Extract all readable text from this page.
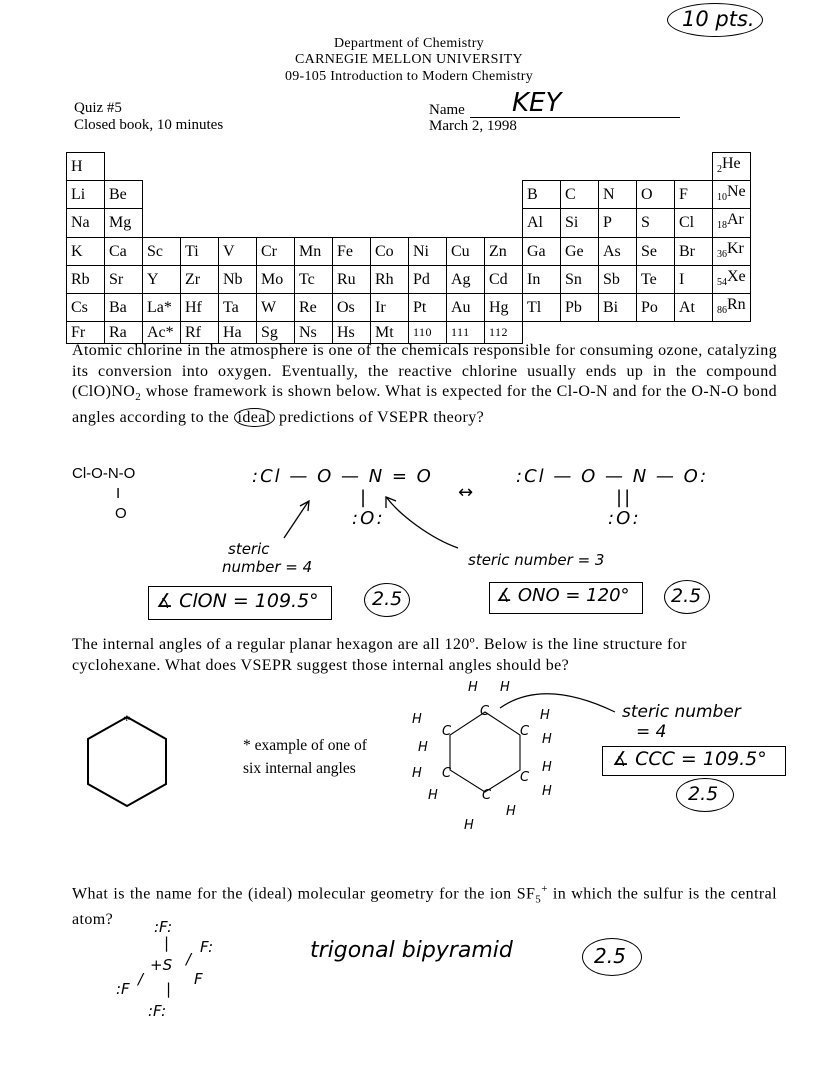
10 pts.
Department of Chemistry
CARNEGIE MELLON UNIVERSITY
09-105 Introduction to Modern Chemistry
Quiz #5
Closed book, 10 minutes
Name KEY
March 2, 1998
H																	$_2$He
Li	Be											B	C	N	O	F	$_{10}$Ne
Na	Mg											Al	Si	P	S	Cl	$_{18}$Ar
K	Ca	Sc	Ti	V	Cr	Mn	Fe	Co	Ni	Cu	Zn	Ga	Ge	As	Se	Br	$_{36}$Kr
Rb	Sr	Y	Zr	Nb	Mo	Tc	Ru	Rh	Pd	Ag	Cd	In	Sn	Sb	Te	I	$_{54}$Xe
Cs	Ba	La*	Hf	Ta	W	Re	Os	Ir	Pt	Au	Hg	Tl	Pb	Bi	Po	At	$_{86}$Rn
Fr	Ra	Ac*	Rf	Ha	Sg	Ns	Hs	Mt	110	111	112						
Atomic chlorine in the atmosphere is one of the chemicals responsible for consuming ozone, catalyzing its conversion into oxygen. Eventually, the reactive chlorine usually ends up in the compound $(ClO)NO_2$ whose framework is shown below. What is expected for the Cl-O-N and for the O-N-O bond angles according to the ideal predictions of VSEPR theory?
Cl-O-N-O
I
O
:Cl — O — N = O
|
:O:
↔
:Cl — O — N — O:
||
:O:
steric
number = 4	steric number = 3
∡ ClON = 109.5°	2.5	∡ ONO = 120° 2.5
The internal angles of a regular planar hexagon are all 120º. Below is the line structure for cyclohexane. What does VSEPR suggest those internal angles should be?
*
* example of one of
six internal angles
H H
C
H	H
C	C
H
H
H C	C
H
H	C	H
H
H
steric number
= 4
∡ CCC = 109.5°
2.5
What is the name for the (ideal) molecular geometry for the ion $SF_5^+$ in which the sulfur is the central atom?	:F:
| F:
+S /
/	F
|
:F
:F:
trigonal bipyramid	2.5
